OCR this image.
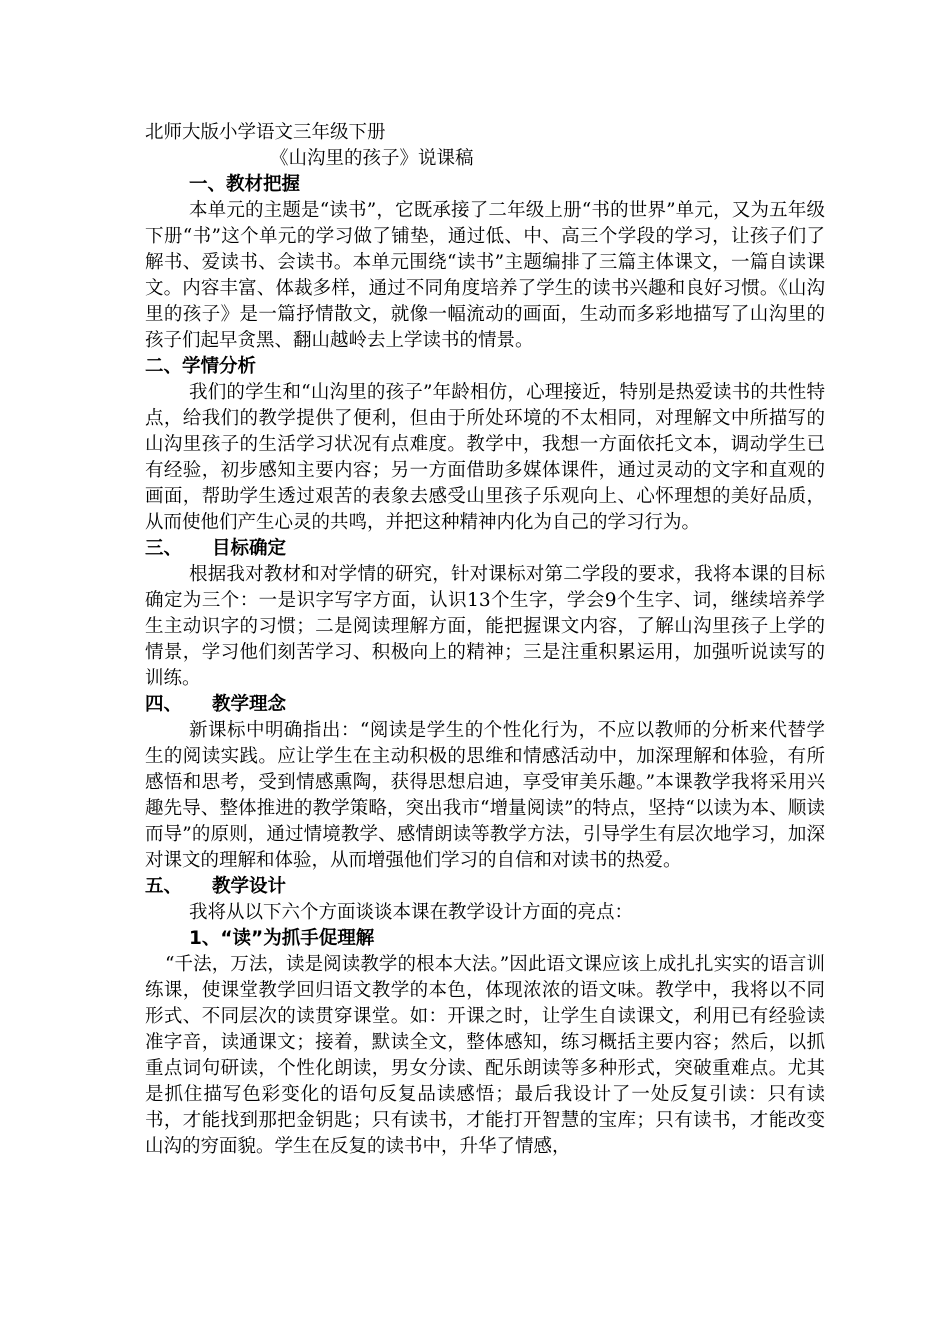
北师大版小学语文三年级下册
《山沟里的孩子》说课稿
一、教材把握

本单元的主题是“读书”，它既承接了二年级上册“书的世界”单元，又为五年级下册“书”这个单元的学习做了铺垫，通过低、中、高三个学段的学习，让孩子们了解书、爱读书、会读书。本单元围绕“读书”主题编排了三篇主体课文，一篇自读课文。内容丰富、体裁多样，通过不同角度培养了学生的读书兴趣和良好习惯。《山沟里的孩子》是一篇抒情散文，就像一幅流动的画面，生动而多彩地描写了山沟里的孩子们起早贪黑、翻山越岭去上学读书的情景。

二、学情分析

我们的学生和“山沟里的孩子”年龄相仿，心理接近，特别是热爱读书的共性特点，给我们的教学提供了便利，但由于所处环境的不太相同，对理解文中所描写的山沟里孩子的生活学习状况有点难度。教学中，我想一方面依托文本，调动学生已有经验，初步感知主要内容；另一方面借助多媒体课件，通过灵动的文字和直观的画面，帮助学生透过艰苦的表象去感受山里孩子乐观向上、心怀理想的美好品质，从而使他们产生心灵的共鸣，并把这种精神内化为自己的学习行为。

三、 目标确定

根据我对教材和对学情的研究，针对课标对第二学段的要求，我将本课的目标确定为三个：一是识字写字方面，认识13个生字，学会9个生字、词，继续培养学生主动识字的习惯；二是阅读理解方面，能把握课文内容，了解山沟里孩子上学的情景，学习他们刻苦学习、积极向上的精神；三是注重积累运用，加强听说读写的训练。

四、 教学理念

新课标中明确指出：“阅读是学生的个性化行为，不应以教师的分析来代替学生的阅读实践。应让学生在主动积极的思维和情感活动中，加深理解和体验，有所感悟和思考，受到情感熏陶，获得思想启迪，享受审美乐趣。”本课教学我将采用兴趣先导、整体推进的教学策略，突出我市“增量阅读”的特点，坚持“以读为本、顺读而导”的原则，通过情境教学、感情朗读等教学方法，引导学生有层次地学习，加深对课文的理解和体验，从而增强他们学习的自信和对读书的热爱。

五、 教学设计

我将从以下六个方面谈谈本课在教学设计方面的亮点：

1、“读”为抓手促理解

“千法，万法，读是阅读教学的根本大法。”因此语文课应该上成扎扎实实的语言训练课，使课堂教学回归语文教学的本色，体现浓浓的语文味。教学中，我将以不同形式、不同层次的读贯穿课堂。如：开课之时，让学生自读课文，利用已有经验读准字音，读通课文；接着，默读全文，整体感知，练习概括主要内容；然后，以抓重点词句研读，个性化朗读，男女分读、配乐朗读等多种形式，突破重难点。尤其是抓住描写色彩变化的语句反复品读感悟；最后我设计了一处反复引读：只有读书，才能找到那把金钥匙；只有读书，才能打开智慧的宝库；只有读书，才能改变山沟的穷面貌。学生在反复的读书中，升华了情感，
